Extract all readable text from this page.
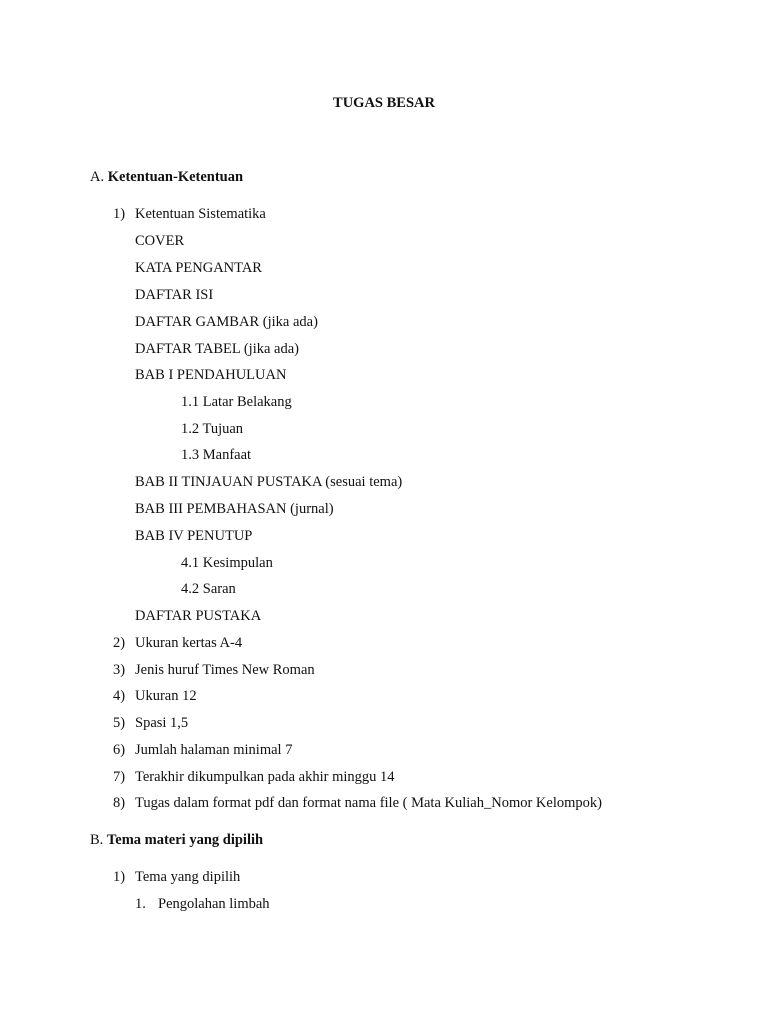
TUGAS BESAR
A. Ketentuan-Ketentuan
1) Ketentuan Sistematika
COVER
KATA PENGANTAR
DAFTAR ISI
DAFTAR GAMBAR (jika ada)
DAFTAR TABEL (jika ada)
BAB I PENDAHULUAN
1.1 Latar Belakang
1.2 Tujuan
1.3 Manfaat
BAB II TINJAUAN PUSTAKA (sesuai tema)
BAB III PEMBAHASAN (jurnal)
BAB IV PENUTUP
4.1 Kesimpulan
4.2 Saran
DAFTAR PUSTAKA
2) Ukuran kertas A-4
3) Jenis huruf Times New Roman
4) Ukuran 12
5) Spasi 1,5
6) Jumlah halaman minimal 7
7) Terakhir dikumpulkan pada akhir minggu 14
8) Tugas dalam format pdf dan format nama file ( Mata Kuliah_Nomor Kelompok)
B. Tema materi yang dipilih
1) Tema yang dipilih
1. Pengolahan limbah
